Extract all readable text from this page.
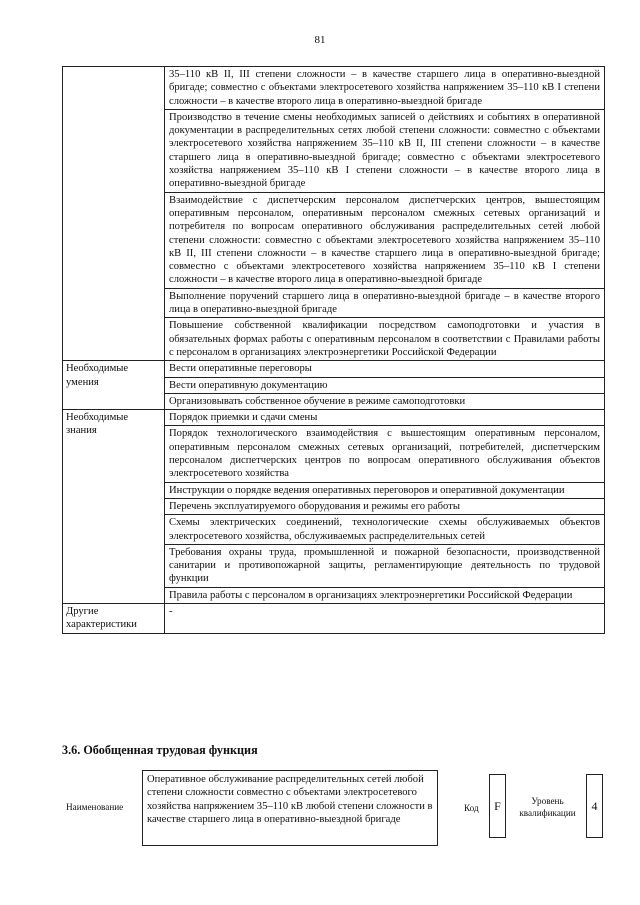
81
	35–110 кВ II, III степени сложности – в качестве старшего лица в оперативно-выездной бригаде; совместно с объектами электросетевого хозяйства напряжением 35–110 кВ I степени сложности – в качестве второго лица в оперативно-выездной бригаде
	Производство в течение смены необходимых записей о действиях и событиях в оперативной документации в распределительных сетях любой степени сложности: совместно с объектами электросетевого хозяйства напряжением 35–110 кВ II, III степени сложности – в качестве старшего лица в оперативно-выездной бригаде; совместно с объектами электросетевого хозяйства напряжением 35–110 кВ I степени сложности – в качестве второго лица в оперативно-выездной бригаде
	Взаимодействие с диспетчерским персоналом диспетчерских центров, вышестоящим оперативным персоналом, оперативным персоналом смежных сетевых организаций и потребителя по вопросам оперативного обслуживания распределительных сетей любой степени сложности: совместно с объектами электросетевого хозяйства напряжением 35–110 кВ II, III степени сложности – в качестве старшего лица в оперативно-выездной бригаде; совместно с объектами электросетевого хозяйства напряжением 35–110 кВ I степени сложности – в качестве второго лица в оперативно-выездной бригаде
	Выполнение поручений старшего лица в оперативно-выездной бригаде – в качестве второго лица в оперативно-выездной бригаде
	Повышение собственной квалификации посредством самоподготовки и участия в обязательных формах работы с оперативным персоналом в соответствии с Правилами работы с персоналом в организациях электроэнергетики Российской Федерации
Необходимые умения	Вести оперативные переговоры
	Вести оперативную документацию
	Организовывать собственное обучение в режиме самоподготовки
Необходимые знания	Порядок приемки и сдачи смены
	Порядок технологического взаимодействия с вышестоящим оперативным персоналом, оперативным персоналом смежных сетевых организаций, потребителей, диспетчерским персоналом диспетчерских центров по вопросам оперативного обслуживания объектов электросетевого хозяйства
	Инструкции о порядке ведения оперативных переговоров и оперативной документации
	Перечень эксплуатируемого оборудования и режимы его работы
	Схемы электрических соединений, технологические схемы обслуживаемых объектов электросетевого хозяйства, обслуживаемых распределительных сетей
	Требования охраны труда, промышленной и пожарной безопасности, производственной санитарии и противопожарной защиты, регламентирующие деятельность по трудовой функции
	Правила работы с персоналом в организациях электроэнергетики Российской Федерации
Другие характеристики	-
3.6. Обобщенная трудовая функция
Наименование
Оперативное обслуживание распределительных сетей любой степени сложности совместно с объектами электросетевого хозяйства напряжением 35–110 кВ любой степени сложности в качестве старшего лица в оперативно-выездной бригаде
Код	F	Уровень квалификации	4
